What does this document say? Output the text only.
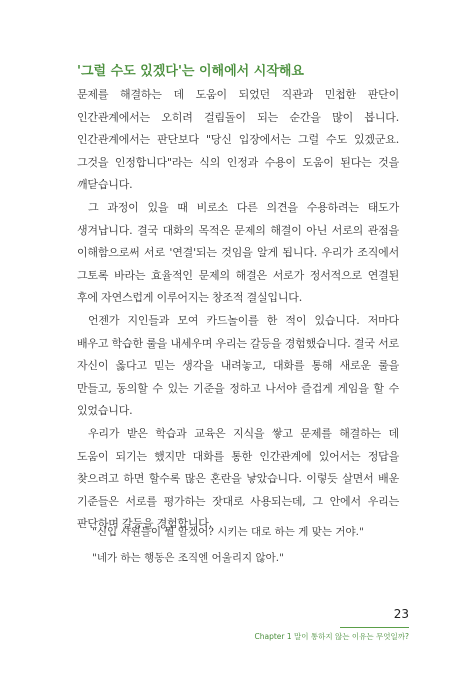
'그럴 수도 있겠다'는 이해에서 시작해요

문제를 해결하는 데 도움이 되었던 직관과 민첩한 판단이 인간관계에서는 오히려 걸림돌이 되는 순간을 많이 봅니다. 인간관계에서는 판단보다 "당신 입장에서는 그럴 수도 있겠군요. 그것을 인정합니다"라는 식의 인정과 수용이 도움이 된다는 것을 깨닫습니다.

그 과정이 있을 때 비로소 다른 의견을 수용하려는 태도가 생겨납니다. 결국 대화의 목적은 문제의 해결이 아닌 서로의 관점을 이해함으로써 서로 '연결'되는 것임을 알게 됩니다. 우리가 조직에서 그토록 바라는 효율적인 문제의 해결은 서로가 정서적으로 연결된 후에 자연스럽게 이루어지는 창조적 결실입니다.

언젠가 지인들과 모여 카드놀이를 한 적이 있습니다. 저마다 배우고 학습한 룰을 내세우며 우리는 갈등을 경험했습니다. 결국 서로 자신이 옳다고 믿는 생각을 내려놓고, 대화를 통해 새로운 룰을 만들고, 동의할 수 있는 기준을 정하고 나서야 즐겁게 게임을 할 수 있었습니다.

우리가 받은 학습과 교육은 지식을 쌓고 문제를 해결하는 데 도움이 되기는 했지만 대화를 통한 인간관계에 있어서는 정답을 찾으려고 하면 할수록 많은 혼란을 낳았습니다. 이렇듯 살면서 배운 기준들은 서로를 평가하는 잣대로 사용되는데, 그 안에서 우리는 판단하며 갈등을 경험합니다.

"신입 사원들이 뭘 알겠어? 시키는 대로 하는 게 맞는 거야."

"네가 하는 행동은 조직엔 어울리지 않아."

23

Chapter 1 말이 통하지 않는 이유는 무엇일까?
